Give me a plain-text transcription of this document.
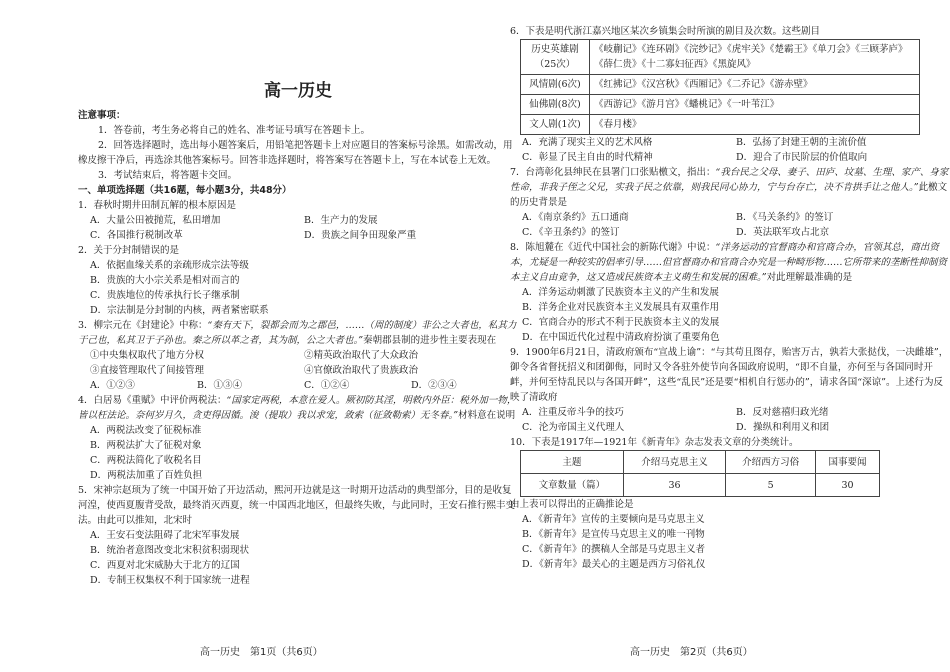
高一历史
注意事项：
1．答卷前，考生务必将自己的姓名、准考证号填写在答题卡上。
2．回答选择题时，选出每小题答案后，用铅笔把答题卡上对应题目的答案标号涂黑。如需改动，用橡皮擦干净后，再选涂其他答案标号。回答非选择题时，将答案写在答题卡上，写在本试卷上无效。
3．考试结束后，将答题卡交回。
一、单项选择题（共16题，每小题3分，共48分）
1．春秋时期井田制瓦解的根本原因是
A．大量公田被抛荒，私田增加	B．生产力的发展
C．各国推行税制改革	D．贵族之间争田现象严重
2．关于分封制错误的是
A．依据血缘关系的亲疏形成宗法等级
B．贵族的大小宗关系是相对而言的
C．贵族地位的传承执行长子继承制
D．宗法制是分封制的内核，两者紧密联系
3．柳宗元在《封建论》中称：“秦有天下，裂都会而为之郡邑，……（周的制度）非公之大者也，私其力于己也，私其卫于子孙也。秦之所以革之者，其为制，公之大者也。”秦朝郡县制的进步性主要表现在
①中央集权取代了地方分权	②精英政治取代了大众政治
③直接管理取代了间接管理	④官僚政治取代了贵族政治
A．①②③	B．①③④	C．①②④	D．②③④
4．白居易《重赋》中评价两税法：“国家定两税，本意在爱人。厥初防其淫，明敕内外臣：税外加一物，皆以枉法论。奈何岁月久，贪吏得因循。浚（提取）我以求宠，敛索（征敛勒索）无冬春。”材料意在说明
A．两税法改变了征税标准
B．两税法扩大了征税对象
C．两税法简化了收税名目
D．两税法加重了百姓负担
5．宋神宗赵顼为了统一中国开始了开边活动，熙河开边就是这一时期开边活动的典型部分，目的是收复河湟，使西夏腹背受敌，最终消灭西夏，统一中国西北地区，但最终失败，与此同时，王安石推行熙丰变法。由此可以推知，北宋时
A．王安石变法阻碍了北宋军事发展
B．统治者意图改变北宋积贫积弱现状
C．西夏对北宋威胁大于北方的辽国
D．专制王权集权不利于国家统一进程
高一历史　第1页（共6页）
6．下表是明代浙江嘉兴地区某次乡镇集会时所演的剧目及次数。这些剧目
历史英雄剧（25次）	《岐蒯记》《连环剧》《浣纱记》《虎牢关》《楚霸王》《单刀会》《三顾茅庐》《薛仁贵》《十二寡妇征西》《黑旋风》
风情剧(6次)	《红拂记》《汉宫秋》《西厢记》《二乔记》《游赤壁》
仙佛剧(8次)	《西游记》《游月宫》《蟠桃记》《一叶苇江》
文人剧(1次)	《春月楼》
A．充满了现实主义的艺术风格	B．弘扬了封建王朝的主流价值
C．彰显了民主自由的时代精神	D．迎合了市民阶层的价值取向
7．台湾彰化县绅民在县署门口张贴檄文，指出：“我台民之父母、妻子、田庐、坟墓、生理、家产、身家性命，非我子侄之父兄，实我子民之依靠，则我民同心协力，宁与台存亡，决不肯拱手让之他人。”此檄文的历史背景是
A．《南京条约》五口通商	B．《马关条约》的签订
C．《辛丑条约》的签订	D．英法联军攻占北京
8．陈旭麓在《近代中国社会的新陈代谢》中说：“洋务运动的官督商办和官商合办，官领其总，商出资本，尤疑是一种较实的倡率引导……但官督商办和官商合办究是一种畸形物……它所带来的垄断性抑制资本主义自由竞争，这又造成民族资本主义萌生和发展的困难。”对此理解最准确的是
A．洋务运动刺激了民族资本主义的产生和发展
B．洋务企业对民族资本主义发展具有双重作用
C．官商合办的形式不利于民族资本主义的发展
D．在中国近代化过程中清政府扮演了重要角色
9．1900年6月21日，清政府颁布“宣战上谕”：“与其苟且图存，贻害万古，孰若大张挞伐，一决雌雄”，御令各省督抚招义和团御侮，同时又令各驻外使节向各国政府说明，“即不自量，亦何至与各国同时开衅，并何至恃乱民以与各国开衅”，这些“乱民”还是要“相机自行惩办的”，请求各国“深谅”。上述行为反映了清政府
A．注重反帝斗争的技巧	B．反对慈禧归政光绪
C．沦为帝国主义代理人	D．操纵和利用义和团
10．下表是1917年—1921年《新青年》杂志发表文章的分类统计。
主题	介绍马克思主义	介绍西方习俗	国事要闻
文章数量（篇）	36	5	30
由上表可以得出的正确推论是
A．《新青年》宣传的主要倾向是马克思主义
B．《新青年》是宣传马克思主义的唯一刊物
C．《新青年》的撰稿人全部是马克思主义者
D．《新青年》最关心的主题是西方习俗礼仪
高一历史　第2页（共6页）
